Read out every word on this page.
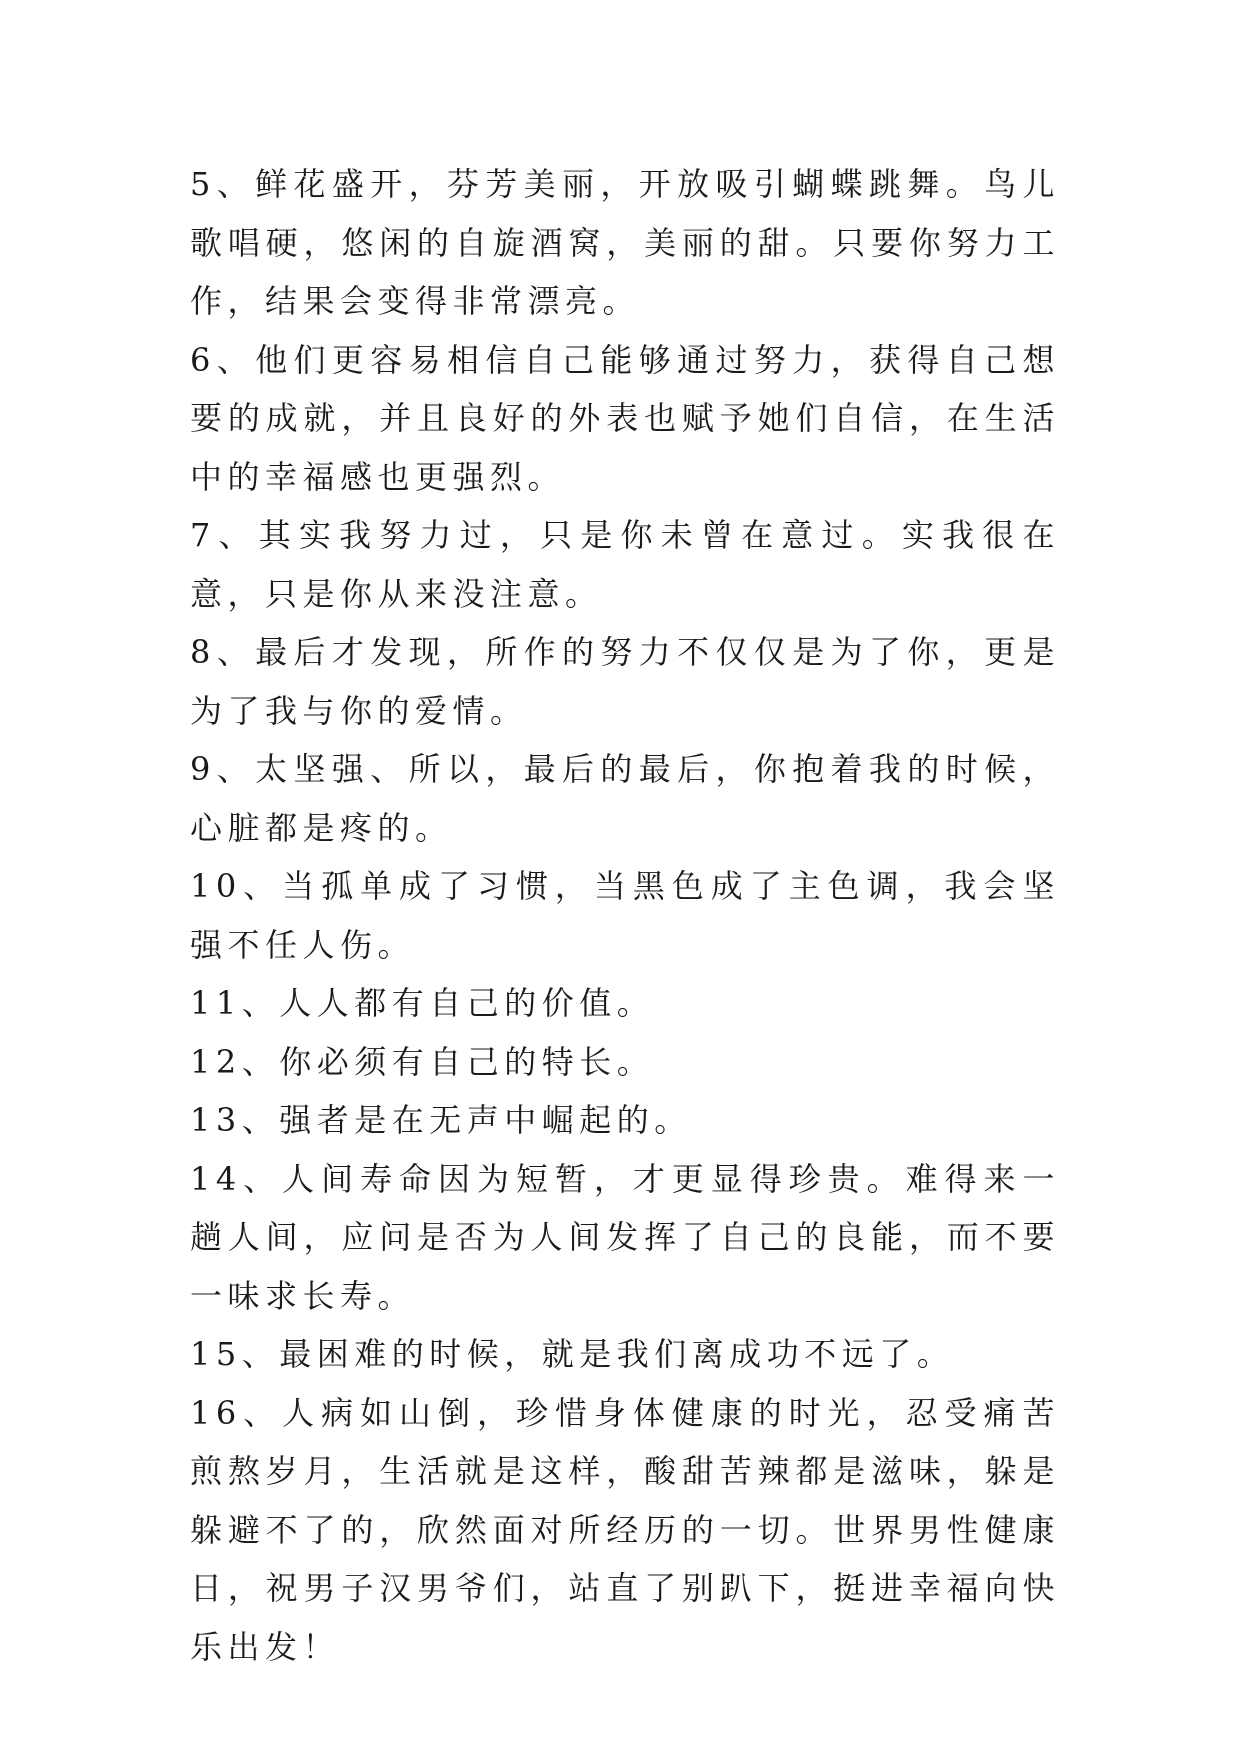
5、鲜花盛开，芬芳美丽，开放吸引蝴蝶跳舞。鸟儿歌唱硬，悠闲的自旋酒窝，美丽的甜。只要你努力工作，结果会变得非常漂亮。

6、他们更容易相信自己能够通过努力，获得自己想要的成就，并且良好的外表也赋予她们自信，在生活中的幸福感也更强烈。

7、其实我努力过，只是你未曾在意过。实我很在意，只是你从来没注意。

8、最后才发现，所作的努力不仅仅是为了你，更是为了我与你的爱情。

9、太坚强、所以，最后的最后，你抱着我的时候，心脏都是疼的。

10、当孤单成了习惯，当黑色成了主色调，我会坚强不任人伤。

11、人人都有自己的价值。

12、你必须有自己的特长。

13、强者是在无声中崛起的。

14、人间寿命因为短暂，才更显得珍贵。难得来一趟人间，应问是否为人间发挥了自己的良能，而不要一味求长寿。

15、最困难的时候，就是我们离成功不远了。

16、人病如山倒，珍惜身体健康的时光，忍受痛苦煎熬岁月，生活就是这样，酸甜苦辣都是滋味，躲是躲避不了的，欣然面对所经历的一切。世界男性健康日，祝男子汉男爷们，站直了别趴下，挺进幸福向快乐出发！
